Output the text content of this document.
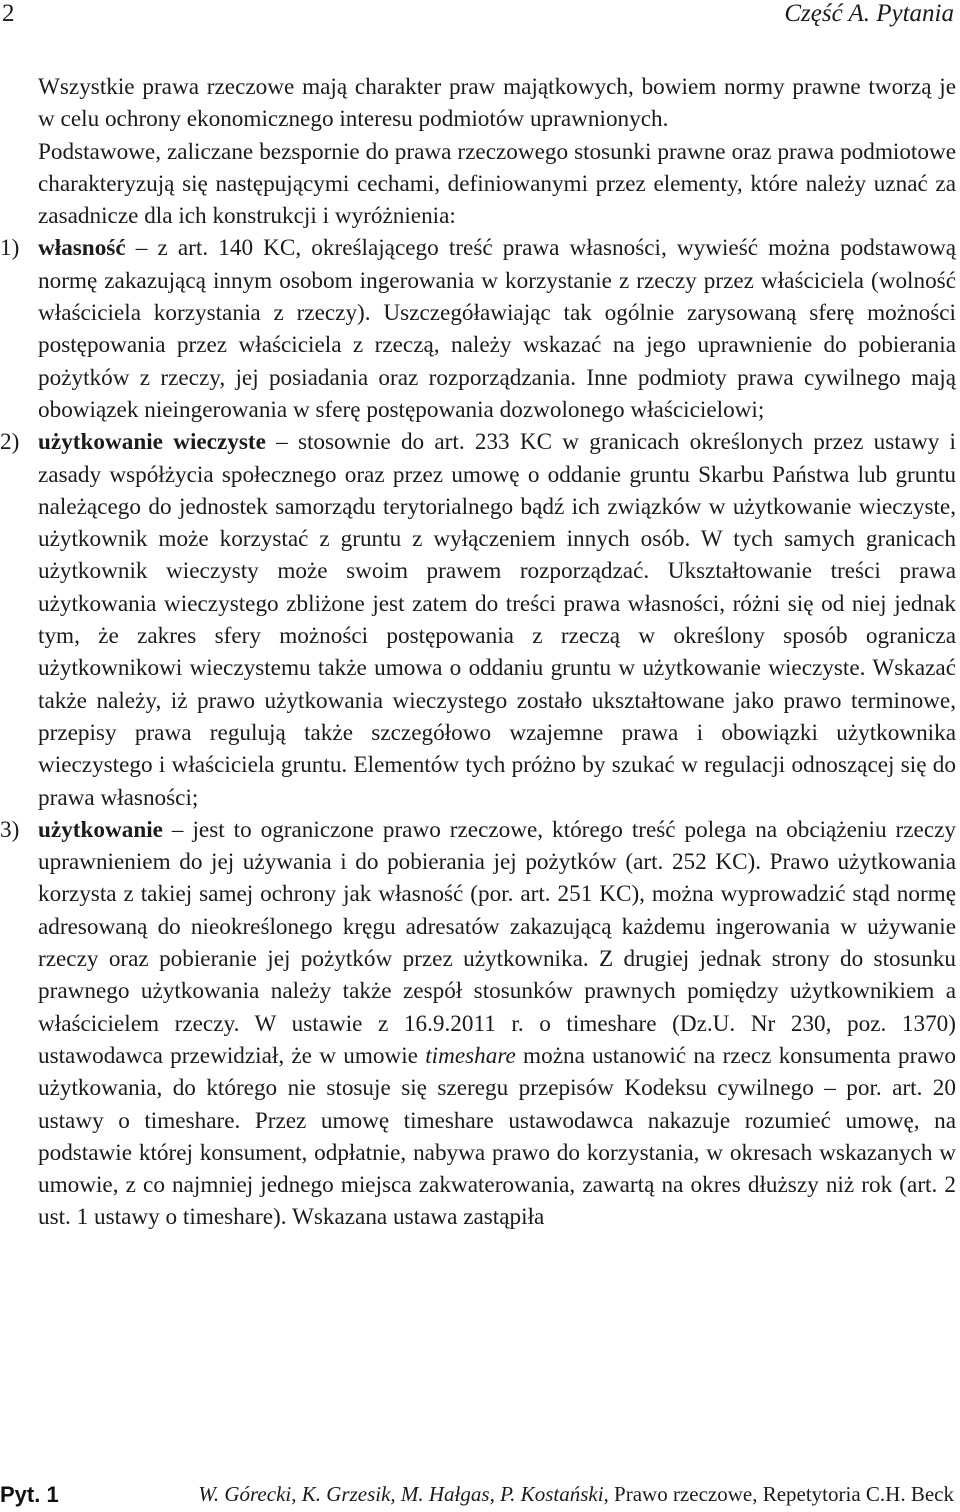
2	Część A. Pytania

Wszystkie prawa rzeczowe mają charakter praw majątkowych, bowiem normy prawne tworzą je w celu ochrony ekonomicznego interesu podmiotów uprawnionych.

Podstawowe, zaliczane bezspornie do prawa rzeczowego stosunki prawne oraz prawa podmiotowe charakteryzują się następującymi cechami, definiowanymi przez elementy, które należy uznać za zasadnicze dla ich konstrukcji i wyróżnienia:

1) własność – z art. 140 KC, określającego treść prawa własności, wywieść można podstawową normę zakazującą innym osobom ingerowania w korzystanie z rzeczy przez właściciela (wolność właściciela korzystania z rzeczy). Uszczegóławiając tak ogólnie zarysowaną sferę możności postępowania przez właściciela z rzeczą, należy wskazać na jego uprawnienie do pobierania pożytków z rzeczy, jej posiadania oraz rozporządzania. Inne podmioty prawa cywilnego mają obowiązek nieingerowania w sferę postępowania dozwolonego właścicielowi;
2) użytkowanie wieczyste – stosownie do art. 233 KC w granicach określonych przez ustawy i zasady współżycia społecznego oraz przez umowę o oddanie gruntu Skarbu Państwa lub gruntu należącego do jednostek samorządu terytorialnego bądź ich związków w użytkowanie wieczyste, użytkownik może korzystać z gruntu z wyłączeniem innych osób. W tych samych granicach użytkownik wieczysty może swoim prawem rozporządzać. Ukształtowanie treści prawa użytkowania wieczystego zbliżone jest zatem do treści prawa własności, różni się od niej jednak tym, że zakres sfery możności postępowania z rzeczą w określony sposób ogranicza użytkownikowi wieczystemu także umowa o oddaniu gruntu w użytkowanie wieczyste. Wskazać także należy, iż prawo użytkowania wieczystego zostało ukształtowane jako prawo terminowe, przepisy prawa regulują także szczegółowo wzajemne prawa i obowiązki użytkownika wieczystego i właściciela gruntu. Elementów tych próżno by szukać w regulacji odnoszącej się do prawa własności;
3) użytkowanie – jest to ograniczone prawo rzeczowe, którego treść polega na obciążeniu rzeczy uprawnieniem do jej używania i do pobierania jej pożytków (art. 252 KC). Prawo użytkowania korzysta z takiej samej ochrony jak własność (por. art. 251 KC), można wyprowadzić stąd normę adresowaną do nieokreślonego kręgu adresatów zakazującą każdemu ingerowania w używanie rzeczy oraz pobieranie jej pożytków przez użytkownika. Z drugiej jednak strony do stosunku prawnego użytkowania należy także zespół stosunków prawnych pomiędzy użytkownikiem a właścicielem rzeczy. W ustawie z 16.9.2011 r. o timeshare (Dz.U. Nr 230, poz. 1370) ustawodawca przewidział, że w umowie timeshare można ustanowić na rzecz konsumenta prawo użytkowania, do którego nie stosuje się szeregu przepisów Kodeksu cywilnego – por. art. 20 ustawy o timeshare. Przez umowę timeshare ustawodawca nakazuje rozumieć umowę, na podstawie której konsument, odpłatnie, nabywa prawo do korzystania, w okresach wskazanych w umowie, z co najmniej jednego miejsca zakwaterowania, zawartą na okres dłuższy niż rok (art. 2 ust. 1 ustawy o timeshare). Wskazana ustawa zastąpiła
Pyt. 1	W. Górecki, K. Grzesik, M. Hałgas, P. Kostański, Prawo rzeczowe, Repetytoria C.H. Beck
